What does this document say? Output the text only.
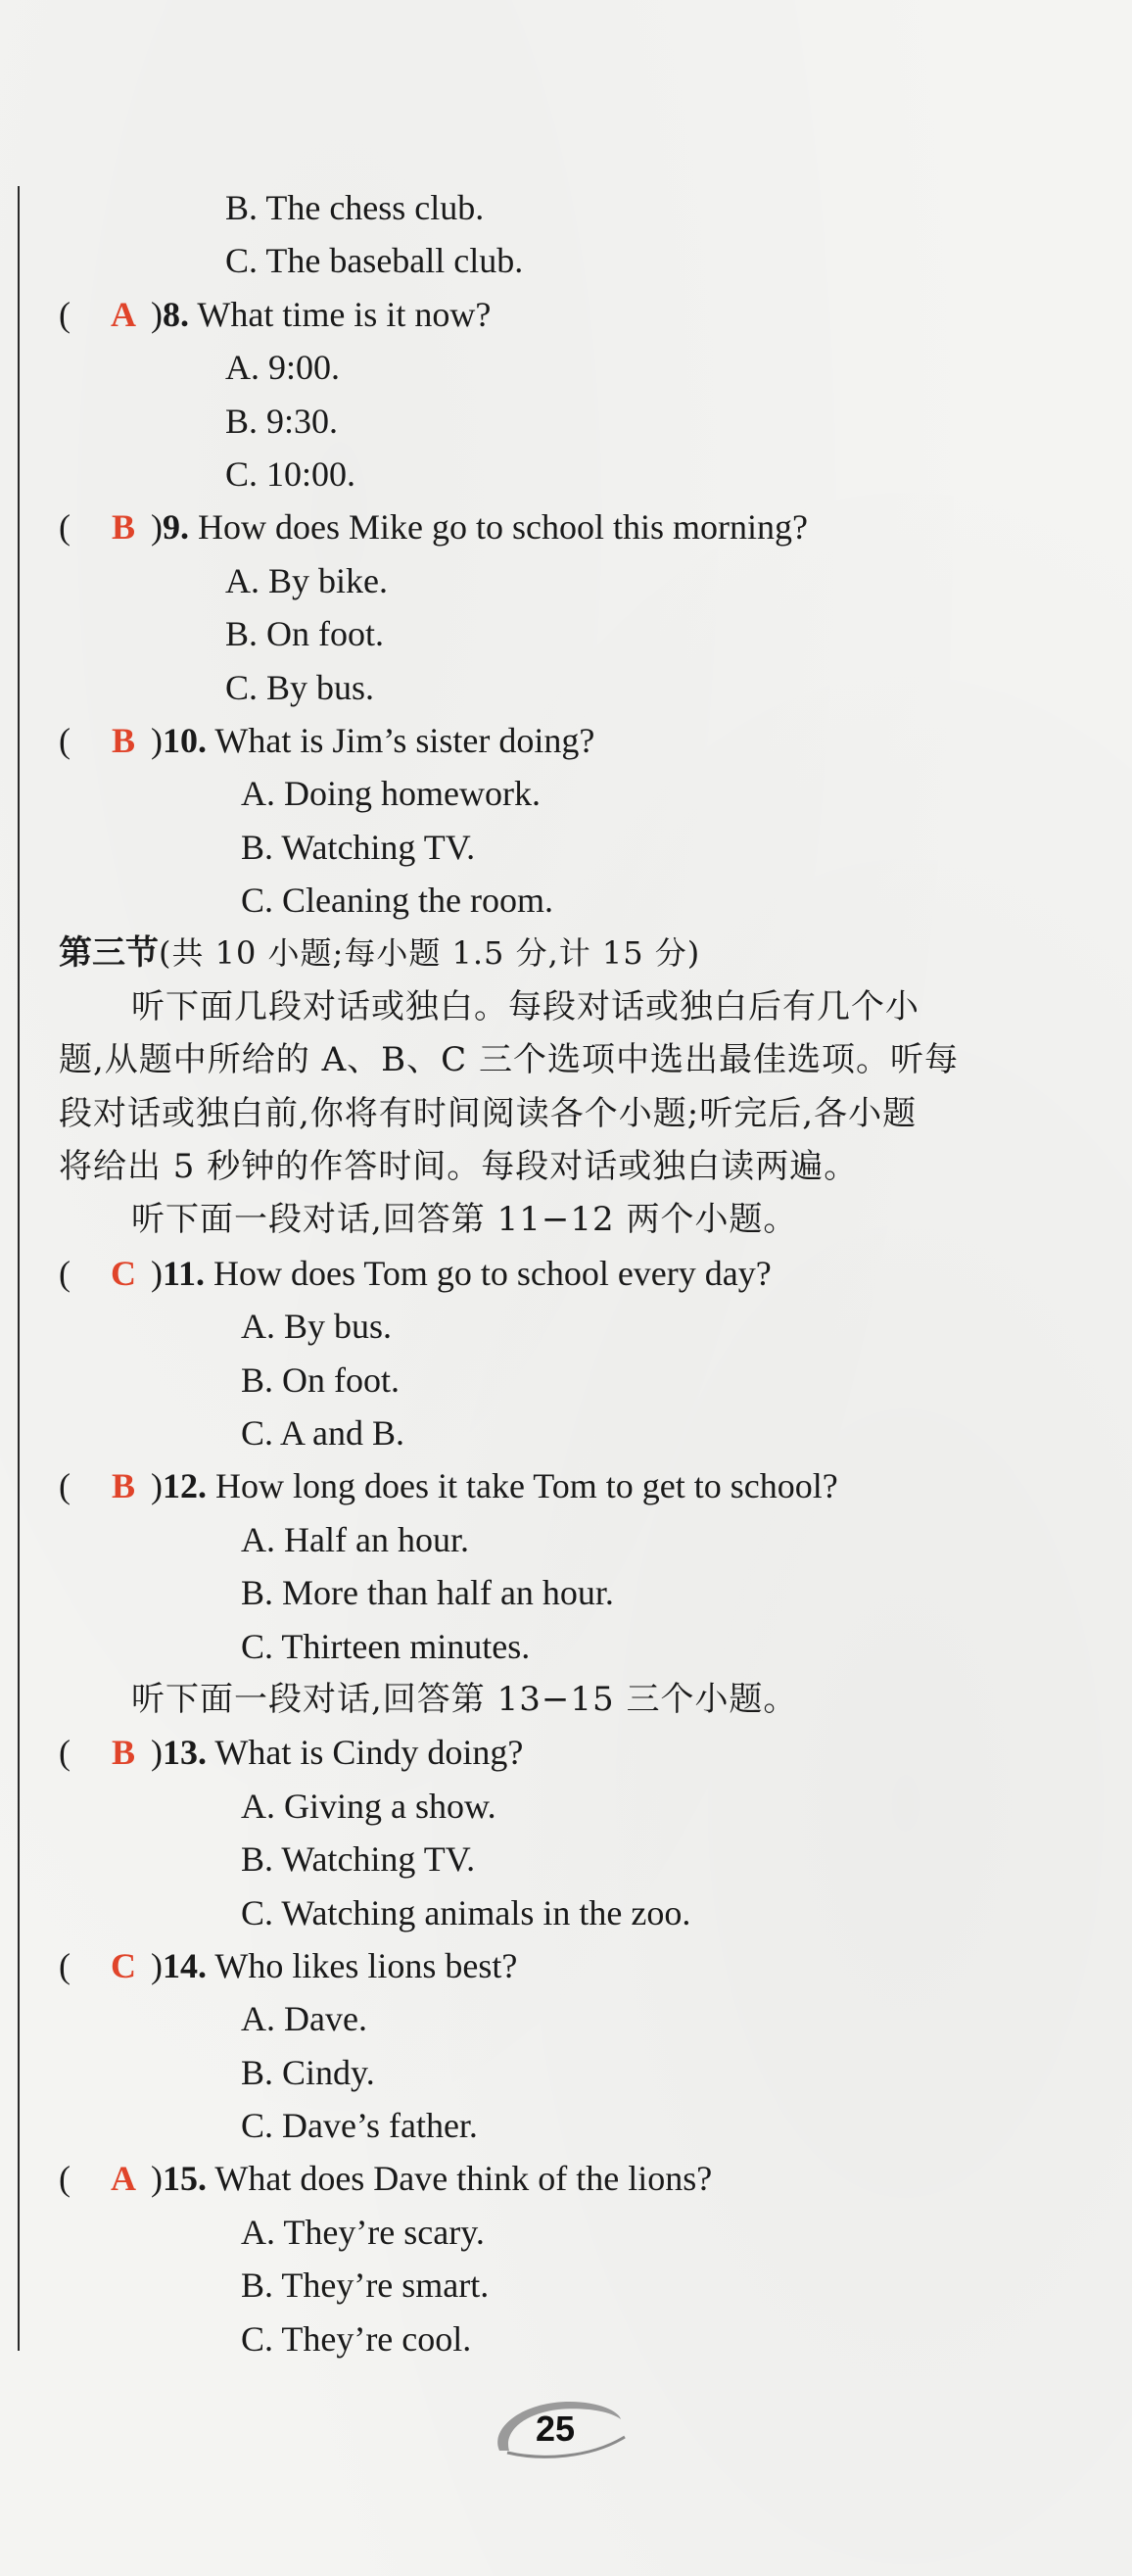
B. The chess club.
C. The baseball club.
( A )8. What time is it now?
A. 9:00.
B. 9:30.
C. 10:00.
( B )9. How does Mike go to school this morning?
A. By bike.
B. On foot.
C. By bus.
( B )10. What is Jim’s sister doing?
A. Doing homework.
B. Watching TV.
C. Cleaning the room.
第三节(共 10 小题;每小题 1.5 分,计 15 分)
听下面几段对话或独白。每段对话或独白后有几个小
题,从题中所给的 A、B、C 三个选项中选出最佳选项。听每
段对话或独白前,你将有时间阅读各个小题;听完后,各小题
将给出 5 秒钟的作答时间。每段对话或独白读两遍。
听下面一段对话,回答第 11−12 两个小题。
( C )11. How does Tom go to school every day?
A. By bus.
B. On foot.
C. A and B.
( B )12. How long does it take Tom to get to school?
A. Half an hour.
B. More than half an hour.
C. Thirteen minutes.
听下面一段对话,回答第 13−15 三个小题。
( B )13. What is Cindy doing?
A. Giving a show.
B. Watching TV.
C. Watching animals in the zoo.
( C )14. Who likes lions best?
A. Dave.
B. Cindy.
C. Dave’s father.
( A )15. What does Dave think of the lions?
A. They’re scary.
B. They’re smart.
C. They’re cool.
25
